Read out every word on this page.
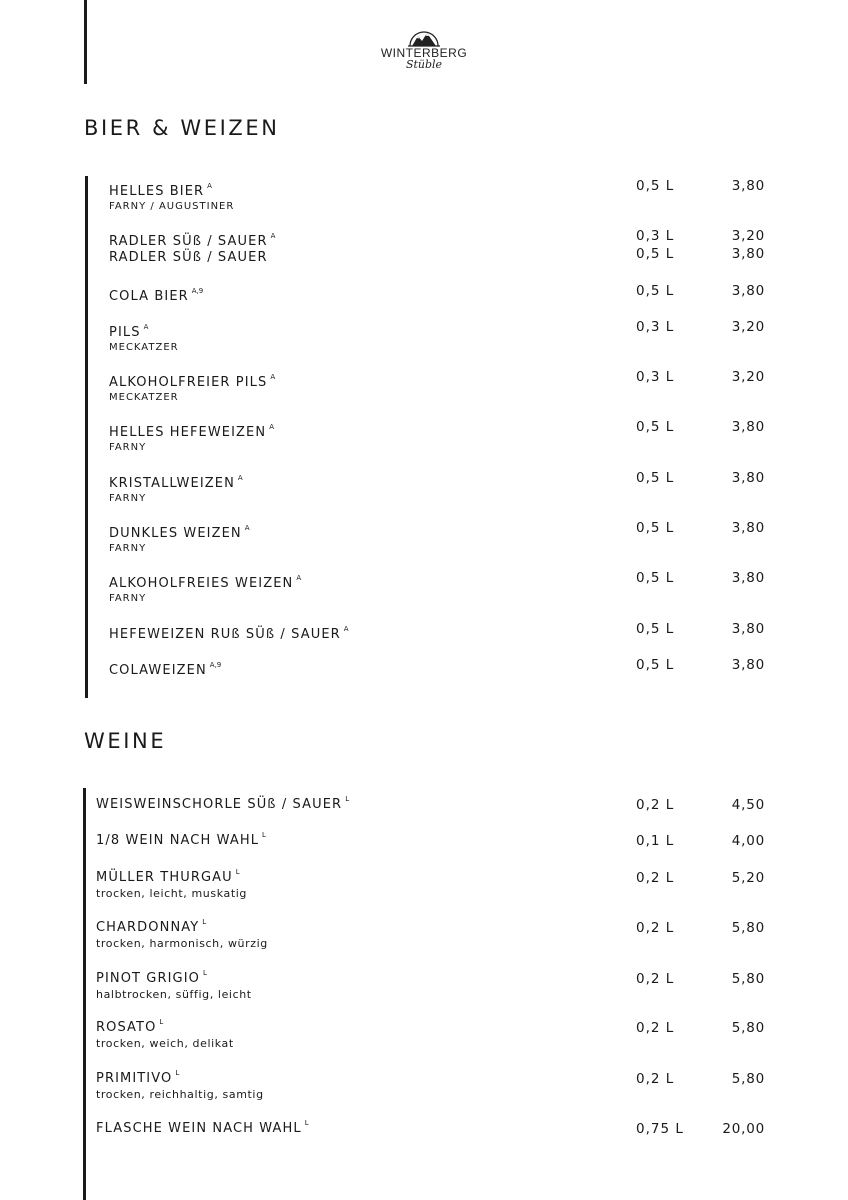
WINTERBERG
Stüble
BIER & WEIZEN
HELLES BIER $^A$
FARNY / AUGUSTINER
0,5 L	3,80
RADLER SÜß / SAUER $^A$
RADLER SÜß / SAUER
0,3 L	3,20
0,5 L	3,80
COLA BIER $^{A,9}$	0,5 L	3,80
PILS $^A$
MECKATZER
0,3 L	3,20
ALKOHOLFREIER PILS $^A$
MECKATZER
0,3 L	3,20
HELLES HEFEWEIZEN $^A$
FARNY
0,5 L	3,80
KRISTALLWEIZEN $^A$
FARNY
0,5 L	3,80
DUNKLES WEIZEN $^A$
FARNY
0,5 L	3,80
ALKOHOLFREIES WEIZEN $^A$
FARNY
0,5 L	3,80
HEFEWEIZEN RUß SÜß / SAUER $^A$	0,5 L	3,80
COLAWEIZEN $^{A,9}$	0,5 L	3,80
WEINE
WEISWEINSCHORLE SÜß / SAUER $^L$	0,2 L	4,50
1/8 WEIN NACH WAHL $^L$	0,1 L	4,00
MÜLLER THURGAU $^L$
trocken, leicht, muskatig
0,2 L	5,20
CHARDONNAY $^L$
trocken, harmonisch, würzig
0,2 L	5,80
PINOT GRIGIO $^L$
halbtrocken, süffig, leicht
0,2 L	5,80
ROSATO $^L$
trocken, weich, delikat
0,2 L	5,80
PRIMITIVO $^L$
trocken, reichhaltig, samtig
0,2 L	5,80
FLASCHE WEIN NACH WAHL $^L$	0,75 L	20,00
